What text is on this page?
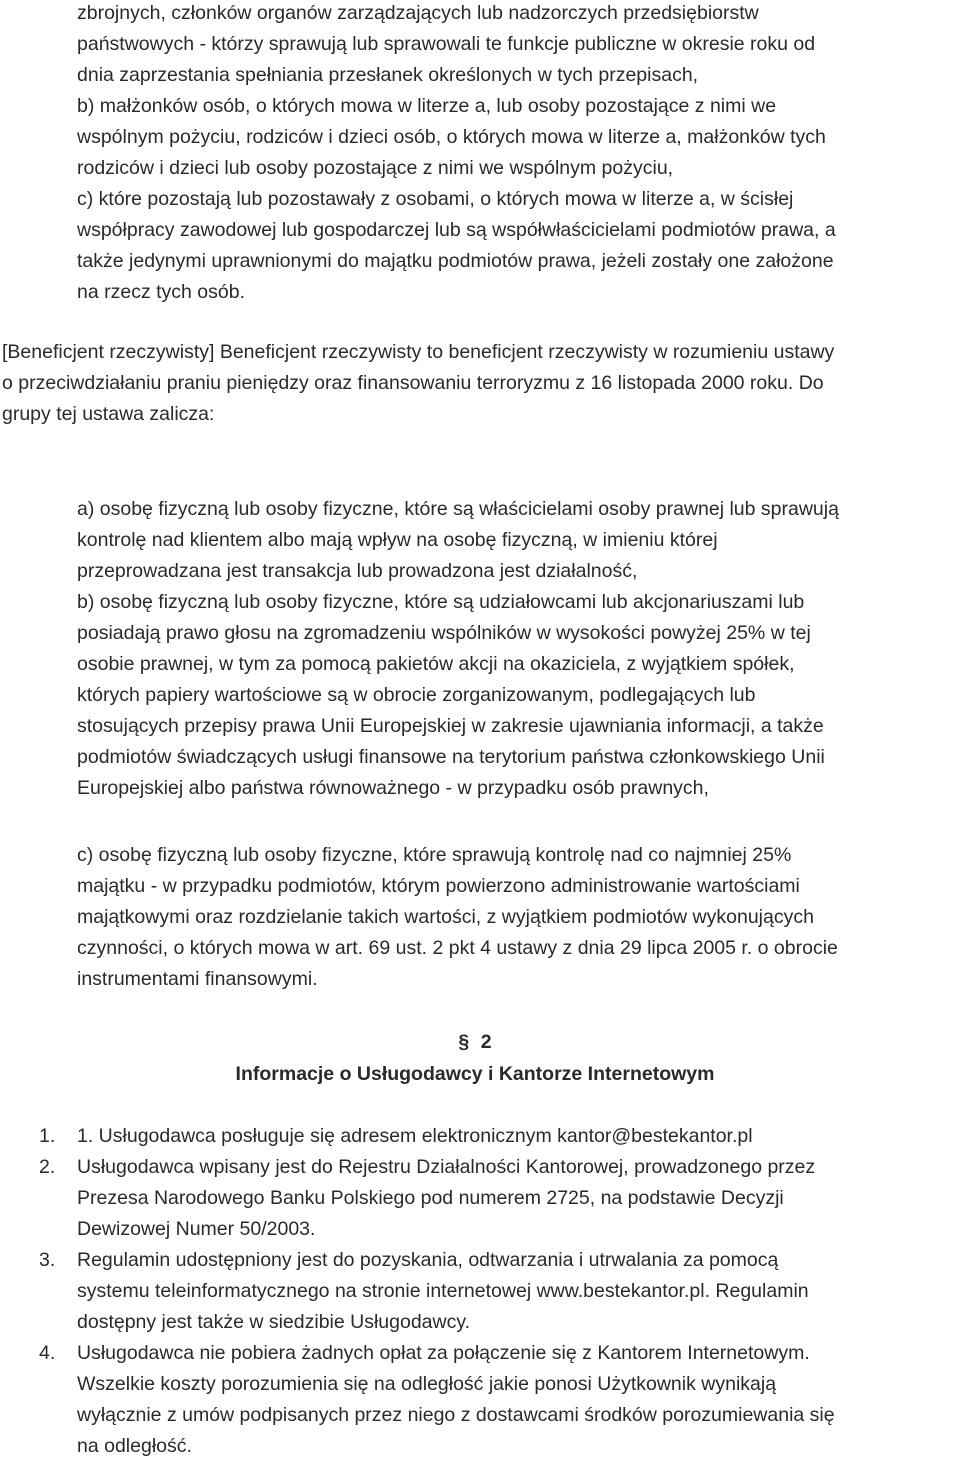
zbrojnych, członków organów zarządzających lub nadzorczych przedsiębiorstw
państwowych - którzy sprawują lub sprawowali te funkcje publiczne w okresie roku od
dnia zaprzestania spełniania przesłanek określonych w tych przepisach,
b) małżonków osób, o których mowa w literze a, lub osoby pozostające z nimi we
wspólnym pożyciu, rodziców i dzieci osób, o których mowa w literze a, małżonków tych
rodziców i dzieci lub osoby pozostające z nimi we wspólnym pożyciu,
c) które pozostają lub pozostawały z osobami, o których mowa w literze a, w ścisłej
współpracy zawodowej lub gospodarczej lub są współwłaścicielami podmiotów prawa, a
także jedynymi uprawnionymi do majątku podmiotów prawa, jeżeli zostały one założone
na rzecz tych osób.
[Beneficjent rzeczywisty] Beneficjent rzeczywisty to beneficjent rzeczywisty w rozumieniu ustawy
o przeciwdziałaniu praniu pieniędzy oraz finansowaniu terroryzmu z 16 listopada 2000 roku. Do
grupy tej ustawa zalicza:
a) osobę fizyczną lub osoby fizyczne, które są właścicielami osoby prawnej lub sprawują
kontrolę nad klientem albo mają wpływ na osobę fizyczną, w imieniu której
przeprowadzana jest transakcja lub prowadzona jest działalność,
b) osobę fizyczną lub osoby fizyczne, które są udziałowcami lub akcjonariuszami lub
posiadają prawo głosu na zgromadzeniu wspólników w wysokości powyżej 25% w tej
osobie prawnej, w tym za pomocą pakietów akcji na okaziciela, z wyjątkiem spółek,
których papiery wartościowe są w obrocie zorganizowanym, podlegających lub
stosujących przepisy prawa Unii Europejskiej w zakresie ujawniania informacji, a także
podmiotów świadczących usługi finansowe na terytorium państwa członkowskiego Unii
Europejskiej albo państwa równoważnego - w przypadku osób prawnych,
c) osobę fizyczną lub osoby fizyczne, które sprawują kontrolę nad co najmniej 25%
majątku - w przypadku podmiotów, którym powierzono administrowanie wartościami
majątkowymi oraz rozdzielanie takich wartości, z wyjątkiem podmiotów wykonujących
czynności, o których mowa w art. 69 ust. 2 pkt 4 ustawy z dnia 29 lipca 2005 r. o obrocie
instrumentami finansowymi.
§ 2
Informacje o Usługodawcy i Kantorze Internetowym
1. 1. Usługodawca posługuje się adresem elektronicznym kantor@bestekantor.pl
2. Usługodawca wpisany jest do Rejestru Działalności Kantorowej, prowadzonego przez
Prezesa Narodowego Banku Polskiego pod numerem 2725, na podstawie Decyzji
Dewizowej Numer 50/2003.
3. Regulamin udostępniony jest do pozyskania, odtwarzania i utrwalania za pomocą
systemu teleinformatycznego na stronie internetowej www.bestekantor.pl. Regulamin
dostępny jest także w siedzibie Usługodawcy.
4. Usługodawca nie pobiera żadnych opłat za połączenie się z Kantorem Internetowym.
Wszelkie koszty porozumienia się na odległość jakie ponosi Użytkownik wynikają
wyłącznie z umów podpisanych przez niego z dostawcami środków porozumiewania się
na odległość.
